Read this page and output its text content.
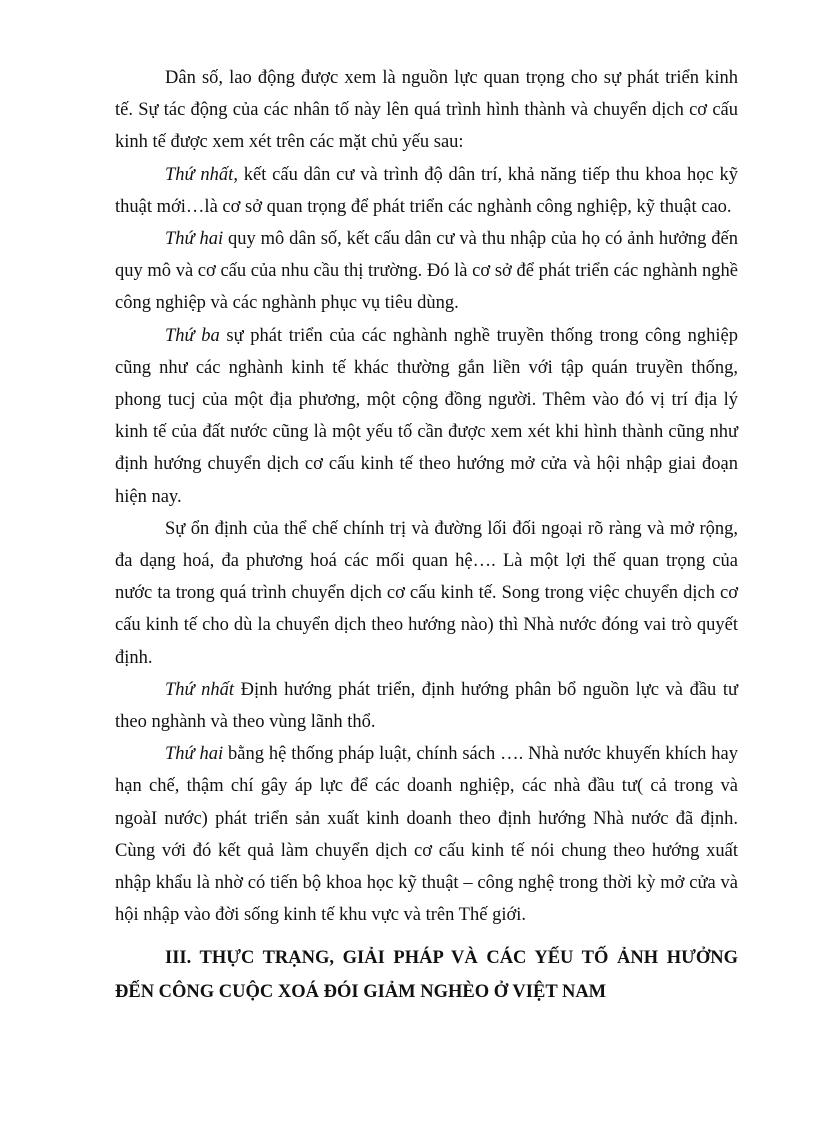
Dân số, lao động được xem là nguồn lực quan trọng cho sự phát triển kinh tế. Sự tác động của các nhân tố này lên quá trình hình thành và chuyển dịch cơ cấu kinh tế được xem xét trên các mặt chủ yếu sau:

Thứ nhất, kết cấu dân cư và trình độ dân trí, khả năng tiếp thu khoa học kỹ thuật mới…là cơ sở quan trọng để phát triển các nghành công nghiệp, kỹ thuật cao.

Thứ hai quy mô dân số, kết cấu dân cư và thu nhập của họ có ảnh hưởng đến quy mô và cơ cấu của nhu cầu thị trường. Đó là cơ sở để phát triển các nghành nghề công nghiệp và các nghành phục vụ tiêu dùng.

Thứ ba sự phát triển của các nghành nghề truyền thống trong công nghiệp cũng như các nghành kinh tế khác thường gắn liền với tập quán truyền thống, phong tucj của một địa phương, một cộng đồng người. Thêm vào đó vị trí địa lý kinh tế của đất nước cũng là một yếu tố cần được xem xét khi hình thành cũng như định hướng chuyển dịch cơ cấu kinh tế theo hướng mở cửa và hội nhập giai đoạn hiện nay.

Sự ổn định của thể chế chính trị và đường lối đối ngoại rõ ràng và mở rộng, đa dạng hoá, đa phương hoá các mối quan hệ…. Là một lợi thế quan trọng của nước ta trong quá trình chuyển dịch cơ cấu kinh tế. Song trong việc chuyển dịch cơ cấu kinh tế cho dù la chuyển dịch theo hướng nào) thì Nhà nước đóng vai trò quyết định.

Thứ nhất Định hướng phát triển, định hướng phân bổ nguồn lực và đầu tư theo nghành và theo vùng lãnh thổ.

Thứ hai bằng hệ thống pháp luật, chính sách …. Nhà nước khuyến khích hay hạn chế, thậm chí gây áp lực để các doanh nghiệp, các nhà đầu tư( cả trong và ngoàI nước) phát triển sản xuất kinh doanh theo định hướng Nhà nước đã định. Cùng với đó kết quả làm chuyển dịch cơ cấu kinh tế nói chung theo hướng xuất nhập khẩu là nhờ có tiến bộ khoa học kỹ thuật – công nghệ trong thời kỳ mở cửa và hội nhập vào đời sống kinh tế khu vực và trên Thế giới.

III. THỰC TRẠNG, GIẢI PHÁP VÀ CÁC YẾU TỐ ẢNH HƯỞNG ĐẾN CÔNG CUỘC XOÁ ĐÓI GIẢM NGHÈO Ở VIỆT NAM
